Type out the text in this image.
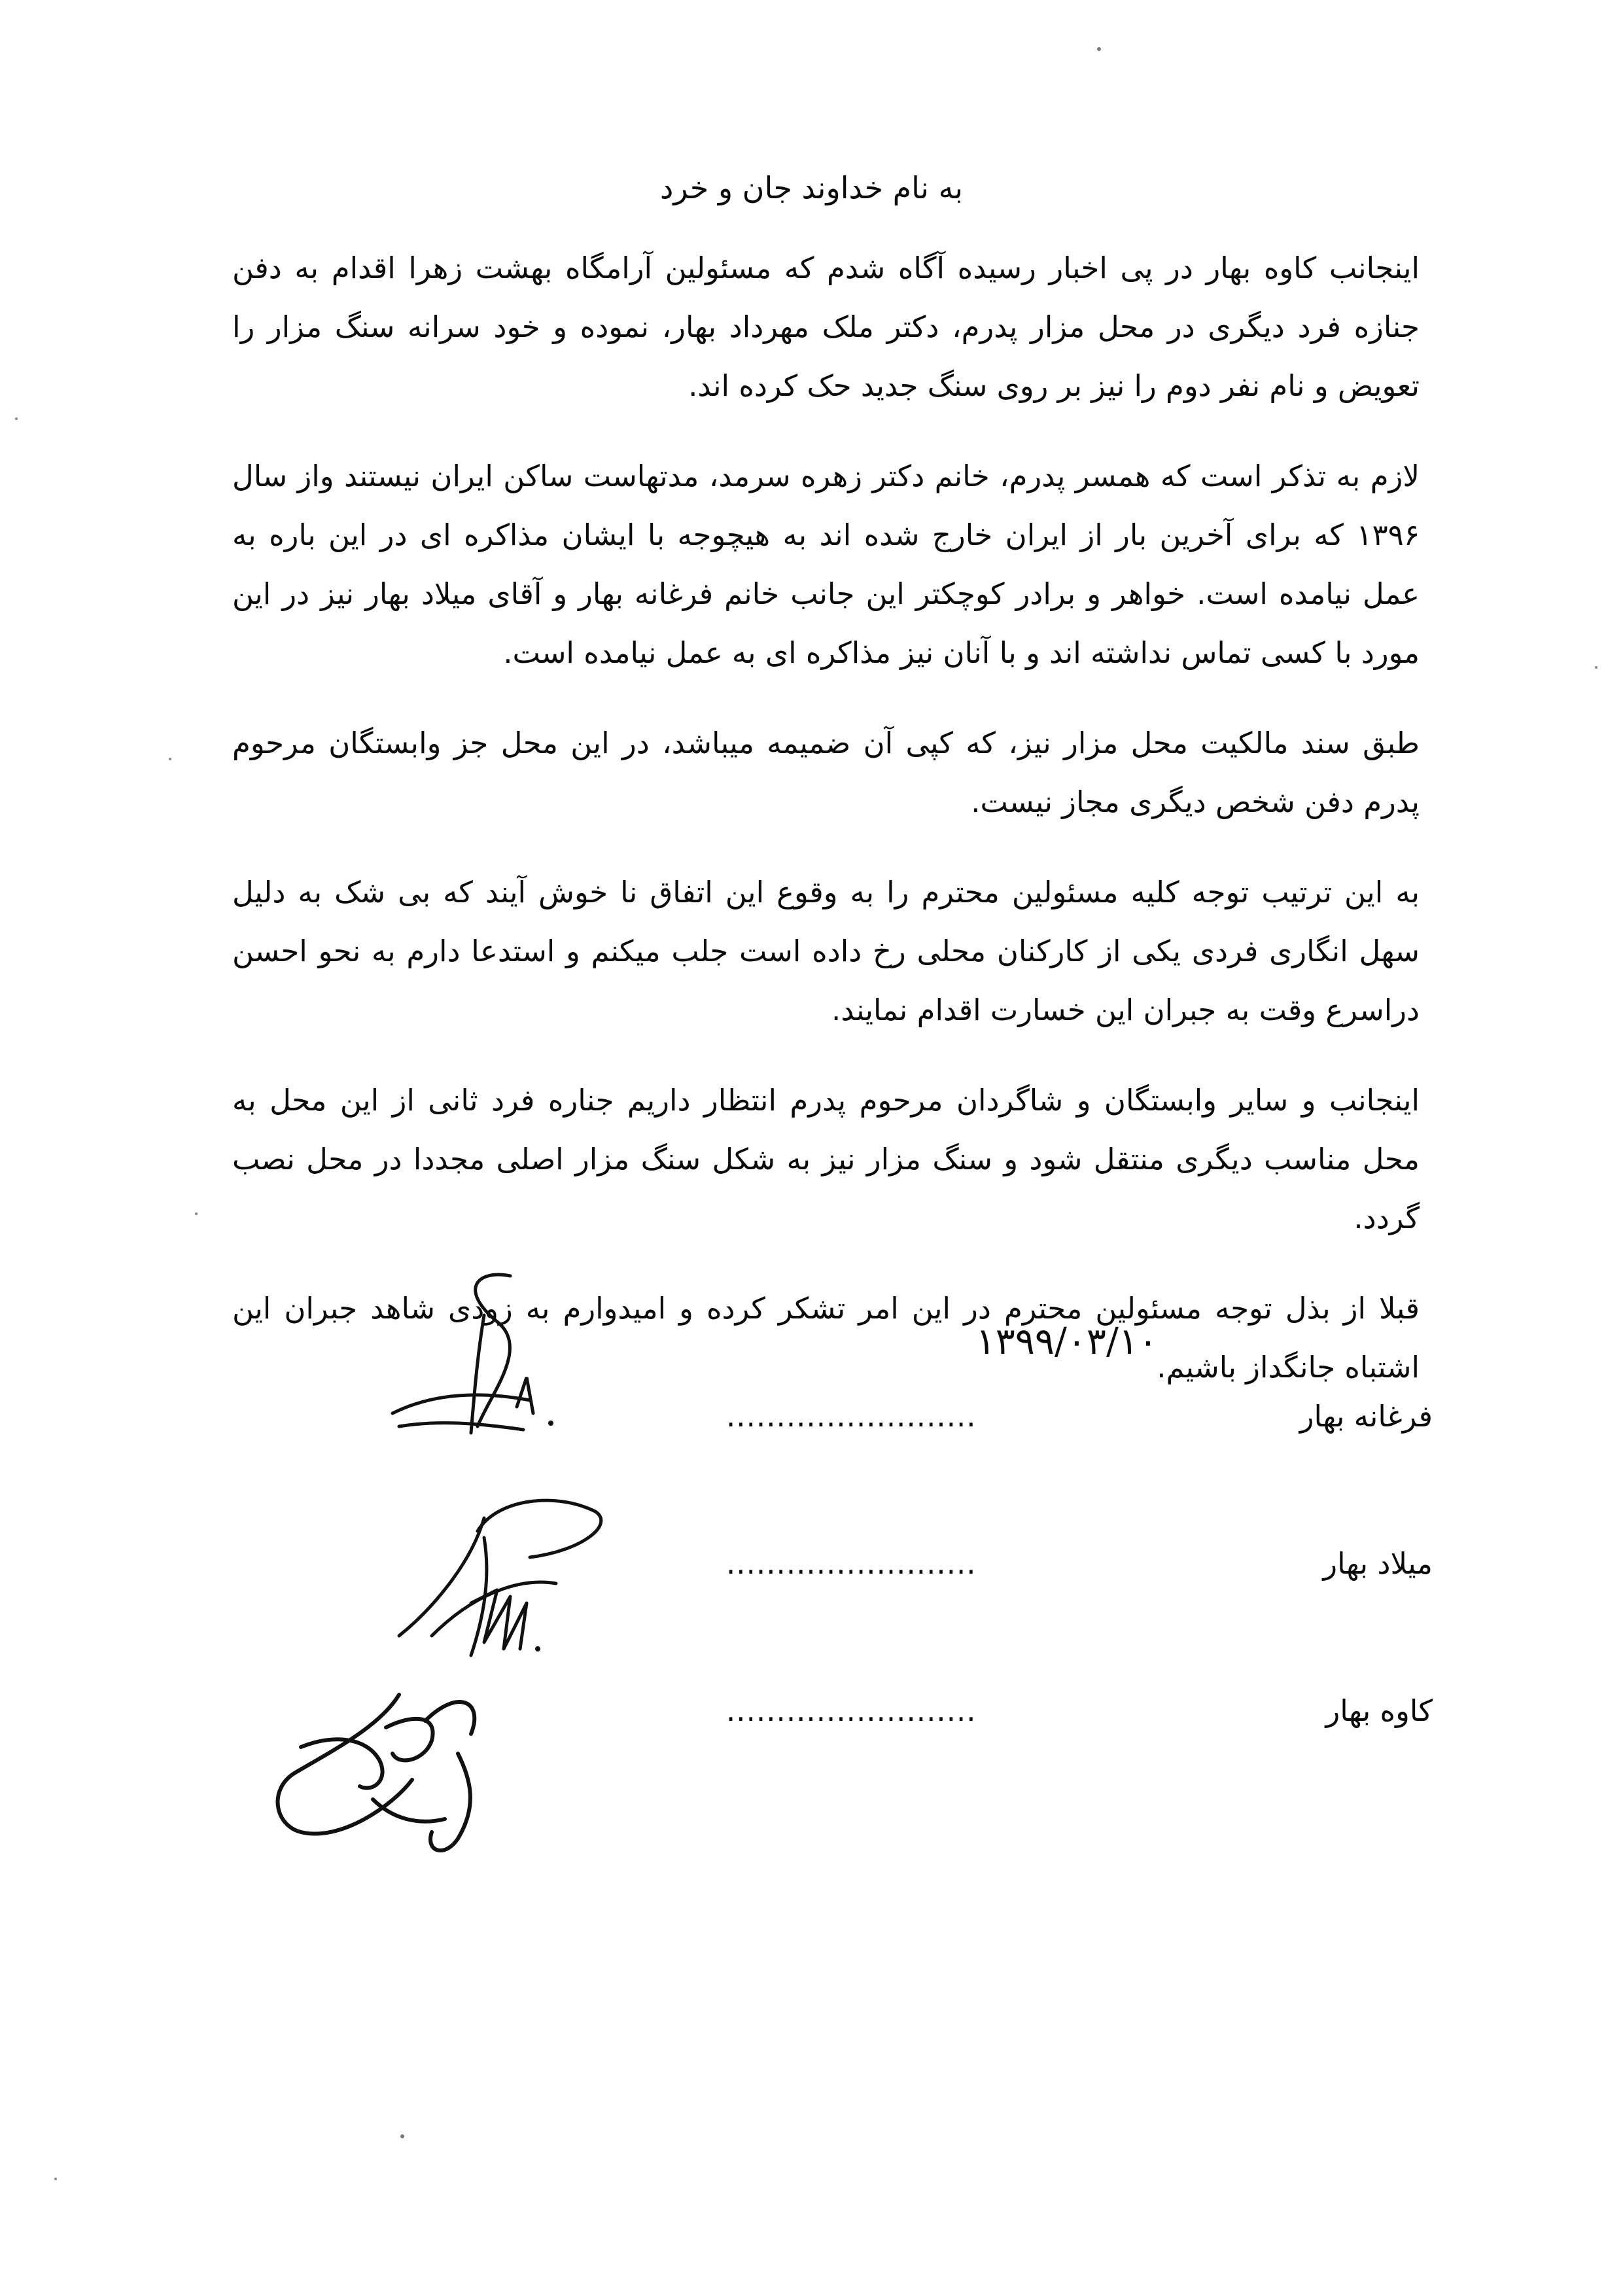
به نام خداوند جان و خرد

اینجانب کاوه بهار در پی اخبار رسیده آگاه شدم که مسئولین آرامگاه بهشت زهرا اقدام به دفن جنازه فرد دیگری در محل مزار پدرم، دکتر ملک مهرداد بهار، نموده و خود سرانه سنگ مزار را تعویض و نام نفر دوم را نیز بر روی سنگ جدید حک کرده اند.

لازم به تذکر است که همسر پدرم، خانم دکتر زهره سرمد، مدتهاست ساکن ایران نیستند واز سال ۱۳۹۶ که برای آخرین بار از ایران خارج شده اند به هیچوجه با ایشان مذاکره ای در این باره به عمل نیامده است. خواهر و برادر کوچکتر این جانب خانم فرغانه بهار و آقای میلاد بهار نیز در این مورد با کسی تماس نداشته اند و با آنان نیز مذاکره ای به عمل نیامده است.

طبق سند مالکیت محل مزار نیز، که کپی آن ضمیمه میباشد، در این محل جز وابستگان مرحوم پدرم دفن شخص دیگری مجاز نیست.

به این ترتیب توجه کلیه مسئولین محترم را به وقوع این اتفاق نا خوش آیند که بی شک به دلیل سهل انگاری فردی یکی از کارکنان محلی رخ داده است جلب میکنم و استدعا دارم به نحو احسن دراسرع وقت به جبران این خسارت اقدام نمایند.

اینجانب و سایر وابستگان و شاگردان مرحوم پدرم انتظار داریم جناره فرد ثانی از این محل به محل مناسب دیگری منتقل شود و سنگ مزار نیز به شکل سنگ مزار اصلی مجددا در محل نصب گردد.

قبلا از بذل توجه مسئولین محترم در این امر تشکر کرده و امیدوارم به زودی شاهد جبران این اشتباه جانگداز باشیم.

۱۳۹۹/۰۳/۱۰
فرغانه بهار
.........................
میلاد بهار
.........................
کاوه بهار
.........................
